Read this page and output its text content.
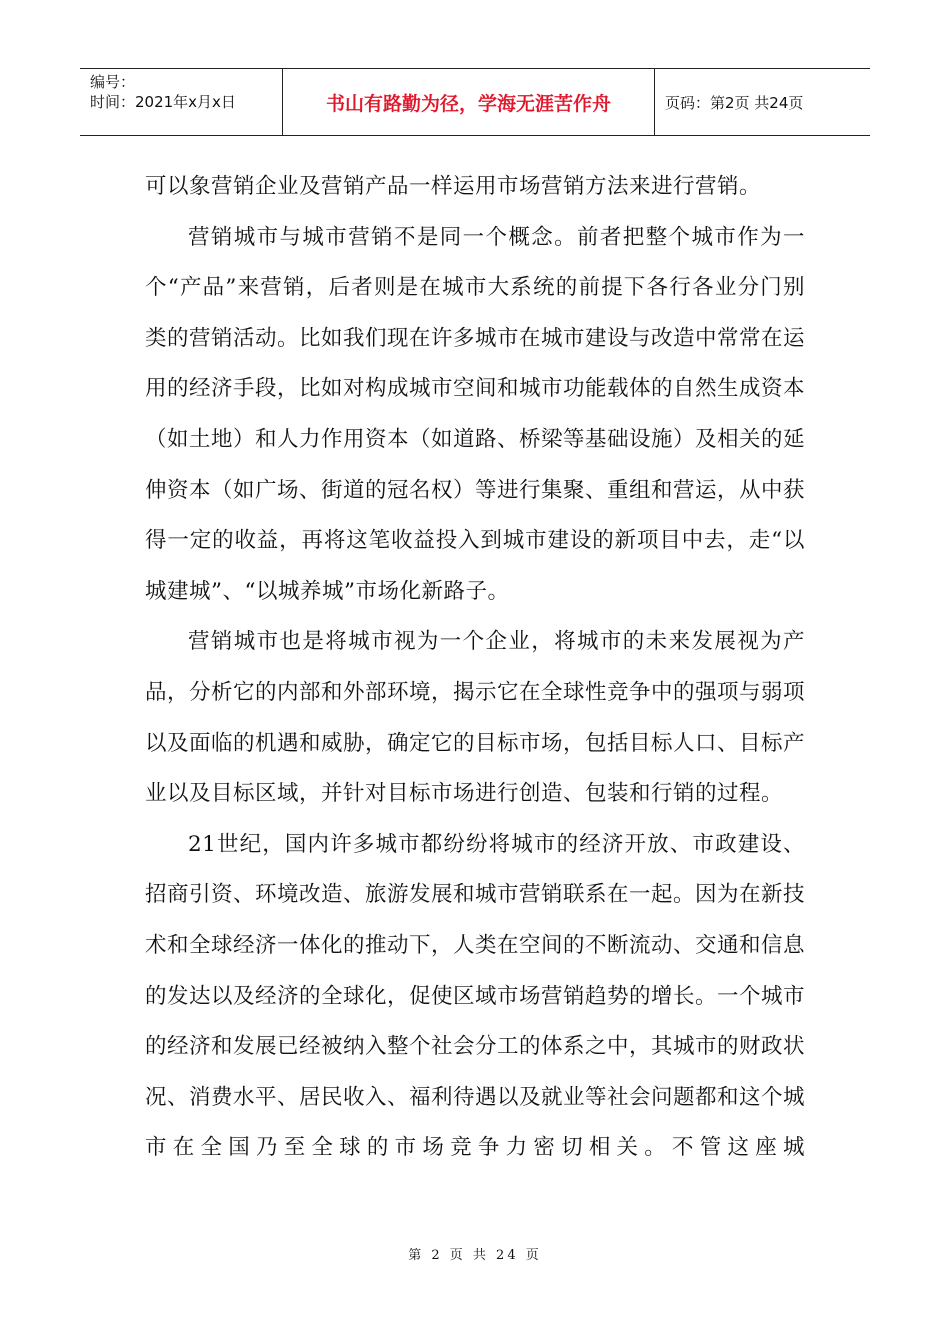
编号：
时间：2021年x月x日	书山有路勤为径，学海无涯苦作舟	页码：第2页 共24页

可以象营销企业及营销产品一样运用市场营销方法来进行营销。

营销城市与城市营销不是同一个概念。前者把整个城市作为一个“产品”来营销，后者则是在城市大系统的前提下各行各业分门别类的营销活动。比如我们现在许多城市在城市建设与改造中常常在运用的经济手段，比如对构成城市空间和城市功能载体的自然生成资本（如土地）和人力作用资本（如道路、桥梁等基础设施）及相关的延伸资本（如广场、街道的冠名权）等进行集聚、重组和营运，从中获得一定的收益，再将这笔收益投入到城市建设的新项目中去，走“以城建城”、“以城养城”市场化新路子。

营销城市也是将城市视为一个企业，将城市的未来发展视为产品，分析它的内部和外部环境，揭示它在全球性竞争中的强项与弱项以及面临的机遇和威胁，确定它的目标市场，包括目标人口、目标产业以及目标区域，并针对目标市场进行创造、包装和行销的过程。

21世纪，国内许多城市都纷纷将城市的经济开放、市政建设、招商引资、环境改造、旅游发展和城市营销联系在一起。因为在新技术和全球经济一体化的推动下，人类在空间的不断流动、交通和信息的发达以及经济的全球化，促使区域市场营销趋势的增长。一个城市的经济和发展已经被纳入整个社会分工的体系之中，其城市的财政状况、消费水平、居民收入、福利待遇以及就业等社会问题都和这个城市在全国乃至全球的市场竞争力密切相关。不管这座城

第 2 页 共 24 页
